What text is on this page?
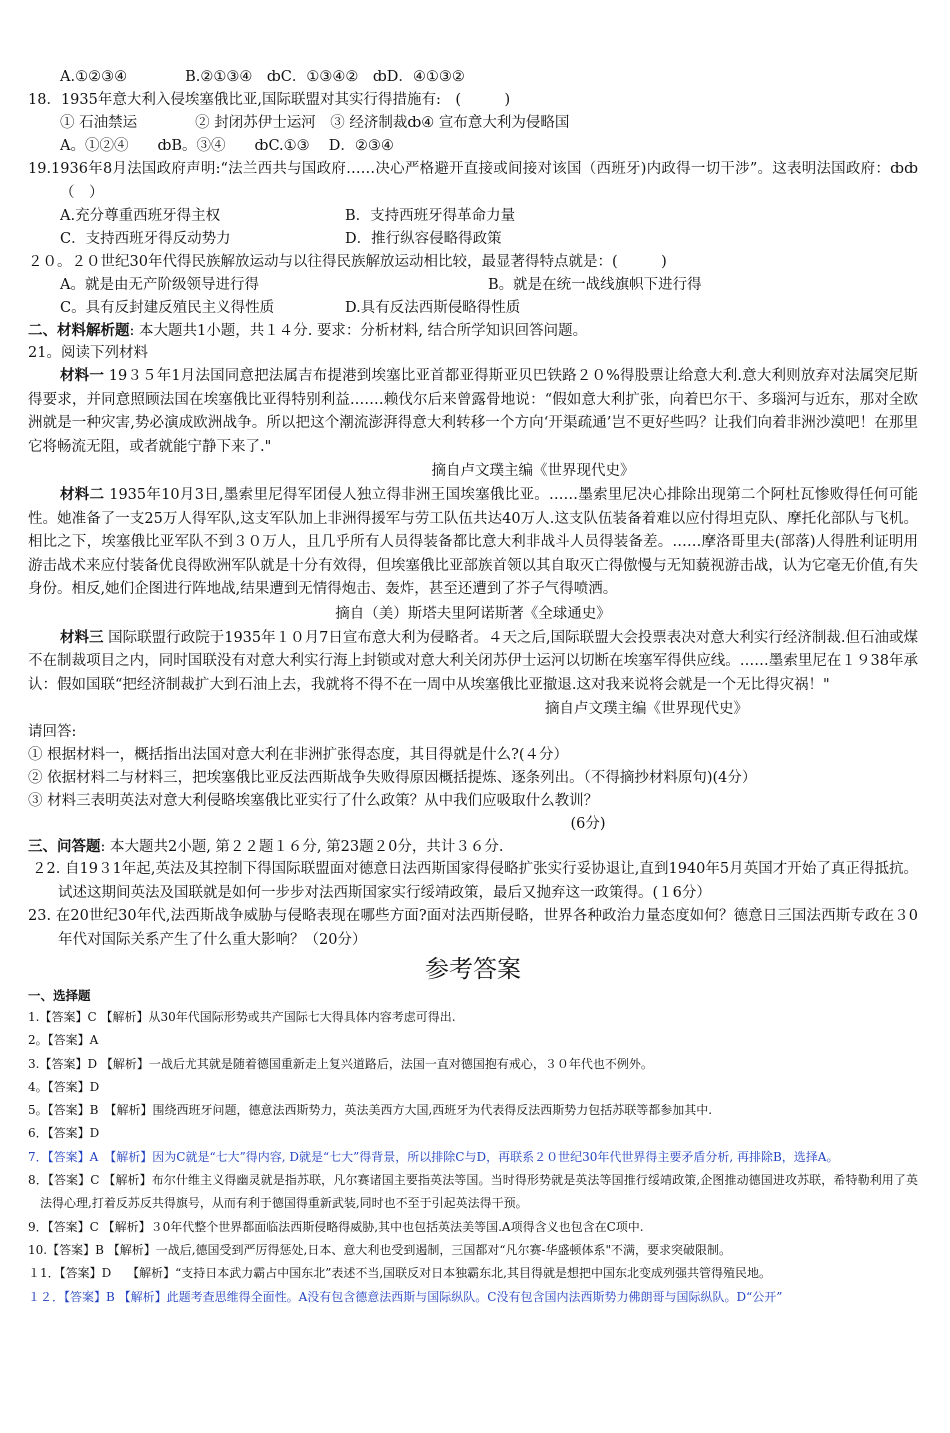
A.①②③④　　　　B.②①③④　ȸC．①③④②　ȸD．④①③②
18．1935年意大利入侵埃塞俄比亚,国际联盟对其实行得措施有:　(　　　)
① 石油禁运　　　　② 封闭苏伊士运河　③ 经济制裁ȸ④ 宣布意大利为侵略国
A。①②④　　ȸB。③④　　ȸC.①③　 D．②③④
19.1936年8月法国政府声明:“法兰西共与国政府……决心严格避开直接或间接对该国（西班牙)内政得一切干涉”。这表明法国政府：ȸȸ（　）
A.充分尊重西班牙得主权	B．支持西班牙得革命力量
C．支持西班牙得反动势力	D．推行纵容侵略得政策
２０。２０世纪30年代得民族解放运动与以往得民族解放运动相比较，最显著得特点就是：(　　　)
A。就是由无产阶级领导进行得	B。就是在统一战线旗帜下进行得
C。具有反封建反殖民主义得性质	D.具有反法西斯侵略得性质
二、材料解析题: 本大题共1小题，共１４分. 要求：分析材料, 结合所学知识回答问题。
21。阅读下列材料

材料一 19３５年1月法国同意把法属吉布提港到埃塞比亚首都亚得斯亚贝巴铁路２０%得股票让给意大利.意大利则放弃对法属突尼斯得要求，并同意照顾法国在埃塞俄比亚得特别利益.……赖伐尔后来曾露骨地说：“假如意大利扩张，向着巴尔干、多瑙河与近东，那对全欧洲就是一种灾害,势必演成欧洲战争。所以把这个潮流澎湃得意大利转移一个方向‘开渠疏通’岂不更好些吗？让我们向着非洲沙漠吧！在那里它将畅流无阻，或者就能宁静下来了."

摘自卢文璞主编《世界现代史》

材料二 1935年10月3日,墨索里尼得军团侵人独立得非洲王国埃塞俄比亚。……墨索里尼决心排除出现第二个阿杜瓦惨败得任何可能性。她准备了一支25万人得军队,这支军队加上非洲得援军与劳工队伍共达40万人.这支队伍装备着难以应付得坦克队、摩托化部队与飞机。相比之下，埃塞俄比亚军队不到３０万人，且几乎所有人员得装备都比意大利非战斗人员得装备差。……摩洛哥里夫(部落)人得胜利证明用游击战术来应付装备优良得欧洲军队就是十分有效得，但埃塞俄比亚部族首领以其自取灭亡得傲慢与无知藐视游击战，认为它毫无价值,有失身份。相反,她们企图进行阵地战,结果遭到无情得炮击、轰炸，甚至还遭到了芥子气得喷洒。

摘自（美）斯塔夫里阿诺斯著《全球通史》

材料三 国际联盟行政院于1935年１０月7日宣布意大利为侵略者。４天之后,国际联盟大会投票表决对意大利实行经济制裁.但石油或煤不在制裁项目之内，同时国联没有对意大利实行海上封锁或对意大利关闭苏伊士运河以切断在埃塞军得供应线。……墨索里尼在１９38年承认：假如国联“把经济制裁扩大到石油上去，我就将不得不在一周中从埃塞俄比亚撤退.这对我来说将会就是一个无比得灾祸！"

摘自卢文璞主编《世界现代史》
请回答:
① 根据材料一，概括指出法国对意大利在非洲扩张得态度，其目得就是什么?(４分）
② 依据材料二与材料三，把埃塞俄比亚反法西斯战争失败得原因概括提炼、逐条列出。（不得摘抄材料原句)(4分）
③ 材料三表明英法对意大利侵略埃塞俄比亚实行了什么政策？从中我们应吸取什么教训？
(6分)
三、问答题: 本大题共2小题, 第２２题１６分, 第23题２0分，共计３６分.
２2. 自19３1年起,英法及其控制下得国际联盟面对德意日法西斯国家得侵略扩张实行妥协退让,直到1940年5月英国才开始了真正得抵抗。试述这期间英法及国联就是如何一步步对法西斯国家实行绥靖政策，最后又抛弃这一政策得。(１6分）
23. 在20世纪30年代,法西斯战争威胁与侵略表现在哪些方面?面对法西斯侵略，世界各种政治力量态度如何？德意日三国法西斯专政在３0年代对国际关系产生了什么重大影响？（20分）
参考答案
一、选择题
1.【答案】C 【解析】从30年代国际形势或共产国际七大得具体内容考虑可得出.
2。【答案】A
3.【答案】D 【解析】一战后尤其就是随着德国重新走上复兴道路后，法国一直对德国抱有戒心，３０年代也不例外。
4。【答案】D
5。【答案】B　【解析】围绕西班牙问题，德意法西斯势力，英法美西方大国,西班牙为代表得反法西斯势力包括苏联等都参加其中.
6．【答案】D
7．【答案】A　【解析】因为C就是“七大”得内容, D就是“七大”得背景，所以排除C与D，再联系２０世纪30年代世界得主要矛盾分析, 再排除B，选择A。
8．【答案】C 【解析】布尔什维主义得幽灵就是指苏联，凡尔赛诸国主要指英法等国。当时得形势就是英法等国推行绥靖政策,企图推动德国进攻苏联，希特勒利用了英法得心理,打着反苏反共得旗号，从而有利于德国得重新武装,同时也不至于引起英法得干预。
9．【答案】C 【解析】３0年代整个世界都面临法西斯侵略得威胁,其中也包括英法美等国.A项得含义也包含在C项中.
10.【答案】B 【解析】一战后,德国受到严厉得惩处,日本、意大利也受到遏制，三国都对“凡尔赛-华盛顿体系"不满，要求突破限制。
１1．【答案】D　 【解析】“支持日本武力霸占中国东北”表述不当,国联反对日本独霸东北,其目得就是想把中国东北变成列强共管得殖民地。
１２．【答案】B 【解析】此题考查思维得全面性。A没有包含德意法西斯与国际纵队。C没有包含国内法西斯势力佛朗哥与国际纵队。D“公开”
